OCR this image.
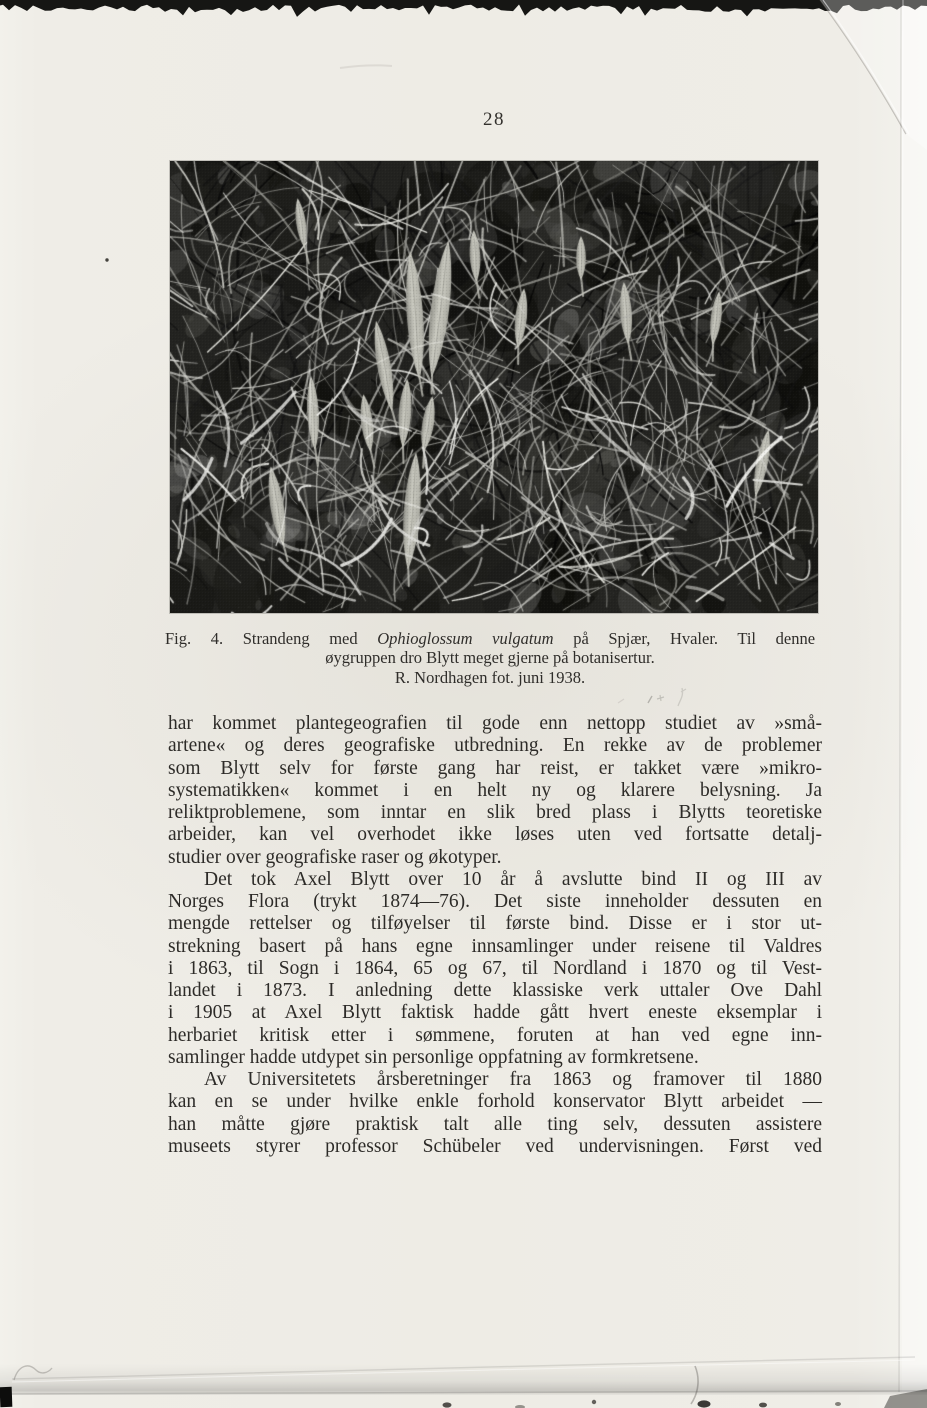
28
Fig. 4. Strandeng med Ophioglossum vulgatum på Spjær, Hvaler. Til denne
øygruppen dro Blytt meget gjerne på botanisertur.
R. Nordhagen fot. juni 1938.
har kommet plantegeografien til gode enn nettopp studiet av »små-
artene« og deres geografiske utbredning. En rekke av de problemer
som Blytt selv for første gang har reist, er takket være »mikro-
systematikken« kommet i en helt ny og klarere belysning. Ja
reliktproblemene, som inntar en slik bred plass i Blytts teoretiske
arbeider, kan vel overhodet ikke løses uten ved fortsatte detalj-
studier over geografiske raser og økotyper.
Det tok Axel Blytt over 10 år å avslutte bind II og III av
Norges Flora (trykt 1874—76). Det siste inneholder dessuten en
mengde rettelser og tilføyelser til første bind. Disse er i stor ut-
strekning basert på hans egne innsamlinger under reisene til Valdres
i 1863, til Sogn i 1864, 65 og 67, til Nordland i 1870 og til Vest-
landet i 1873. I anledning dette klassiske verk uttaler Ove Dahl
i 1905 at Axel Blytt faktisk hadde gått hvert eneste eksemplar i
herbariet kritisk etter i sømmene, foruten at han ved egne inn-
samlinger hadde utdypet sin personlige oppfatning av formkretsene.
Av Universitetets årsberetninger fra 1863 og framover til 1880
kan en se under hvilke enkle forhold konservator Blytt arbeidet —
han måtte gjøre praktisk talt alle ting selv, dessuten assistere
museets styrer professor Schübeler ved undervisningen. Først ved
